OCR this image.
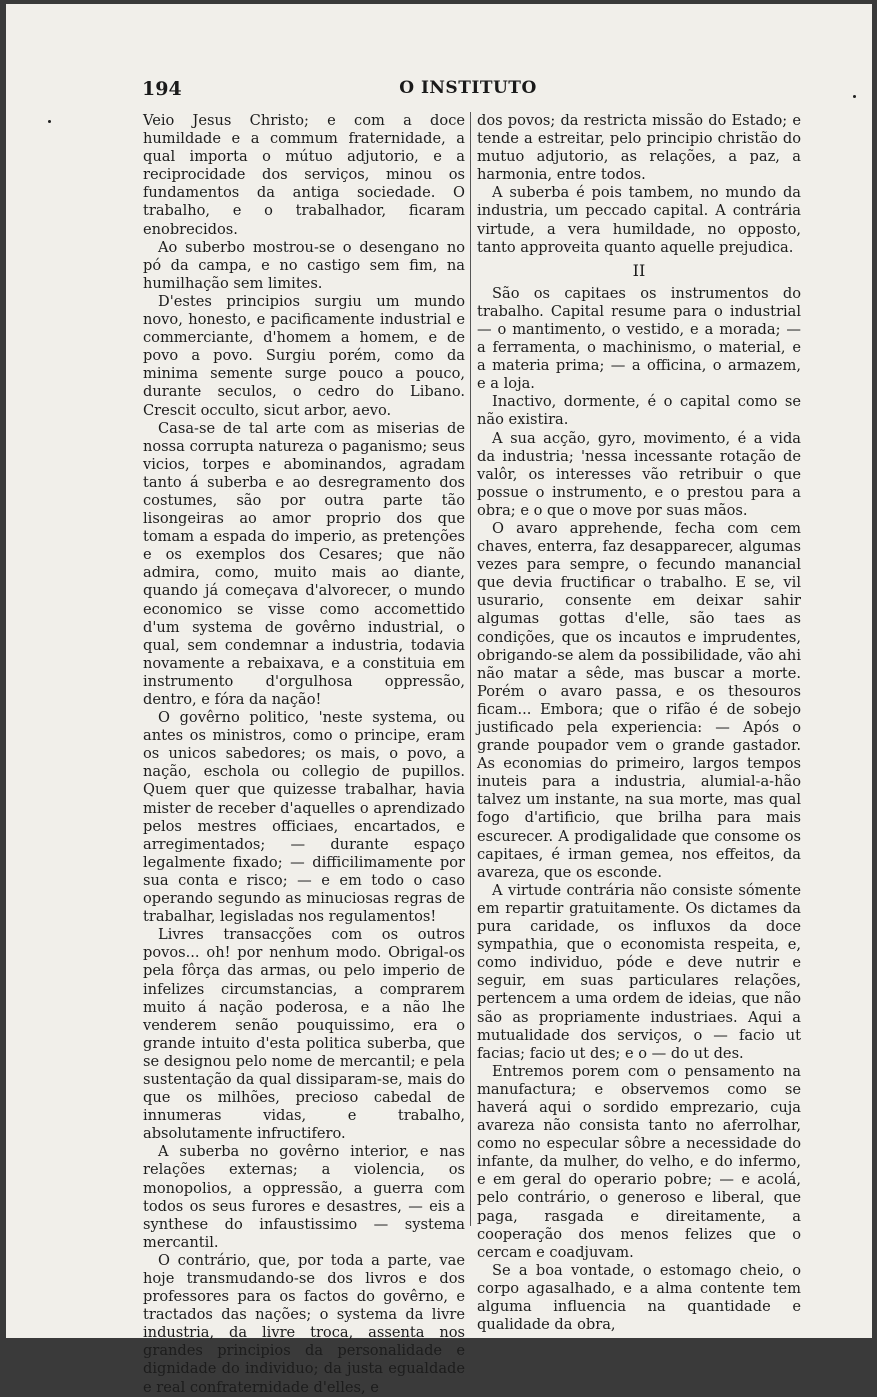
194	O INSTITUTO

Veio Jesus Christo; e com a doce humildade e a commum fraternidade, a qual importa o mútuo adjutorio, e a reciprocidade dos serviços, minou os fundamentos da antiga sociedade. O trabalho, e o trabalhador, ficaram enobrecidos.

Ao suberbo mostrou-se o desengano no pó da campa, e no castigo sem fim, na humilhação sem limites.

D'estes principios surgiu um mundo novo, honesto, e pacificamente industrial e commerciante, d'homem a homem, e de povo a povo. Surgiu porém, como da minima semente surge pouco a pouco, durante seculos, o cedro do Libano. Crescit occulto, sicut arbor, aevo.

Casa-se de tal arte com as miserias de nossa corrupta natureza o paganismo; seus vicios, torpes e abominandos, agradam tanto á suberba e ao desregramento dos costumes, são por outra parte tão lisongeiras ao amor proprio dos que tomam a espada do imperio, as pretenções e os exemplos dos Cesares; que não admira, como, muito mais ao diante, quando já começava d'alvorecer, o mundo economico se visse como accomettido d'um systema de govêrno industrial, o qual, sem condemnar a industria, todavia novamente a rebaixava, e a constituia em instrumento d'orgulhosa oppressão, dentro, e fóra da nação!

O govêrno politico, 'neste systema, ou antes os ministros, como o principe, eram os unicos sabedores; os mais, o povo, a nação, eschola ou collegio de pupillos. Quem quer que quizesse trabalhar, havia mister de receber d'aquelles o aprendizado pelos mestres officiaes, encartados, e arregimentados; — durante espaço legalmente fixado; — difficilimamente por sua conta e risco; — e em todo o caso operando segundo as minuciosas regras de trabalhar, legisladas nos regulamentos!

Livres transacções com os outros povos... oh! por nenhum modo. Obrigal-os pela fôrça das armas, ou pelo imperio de infelizes circumstancias, a comprarem muito á nação poderosa, e a não lhe venderem senão pouquissimo, era o grande intuito d'esta politica suberba, que se designou pelo nome de mercantil; e pela sustentação da qual dissiparam-se, mais do que os milhões, precioso cabedal de innumeras vidas, e trabalho, absolutamente infructifero.

A suberba no govêrno interior, e nas relações externas; a violencia, os monopolios, a oppressão, a guerra com todos os seus furores e desastres, — eis a synthese do infaustissimo — systema mercantil.

O contrário, que, por toda a parte, vae hoje transmudando-se dos livros e dos professores para os factos do govêrno, e tractados das nações; o systema da livre industria, da livre troca, assenta nos grandes principios da personalidade e dignidade do individuo; da justa egualdade e real confraternidade d'elles, e

dos povos; da restricta missão do Estado; e tende a estreitar, pelo principio christão do mutuo adjutorio, as relações, a paz, a harmonia, entre todos.

A suberba é pois tambem, no mundo da industria, um peccado capital. A contrária virtude, a vera humildade, no opposto, tanto approveita quanto aquelle prejudica.

II

São os capitaes os instrumentos do trabalho. Capital resume para o industrial — o mantimento, o vestido, e a morada; — a ferramenta, o machinismo, o material, e a materia prima; — a officina, o armazem, e a loja.

Inactivo, dormente, é o capital como se não existira.

A sua acção, gyro, movimento, é a vida da industria; 'nessa incessante rotação de valôr, os interesses vão retribuir o que possue o instrumento, e o prestou para a obra; e o que o move por suas mãos.

O avaro apprehende, fecha com cem chaves, enterra, faz desapparecer, algumas vezes para sempre, o fecundo manancial que devia fructificar o trabalho. E se, vil usurario, consente em deixar sahir algumas gottas d'elle, são taes as condições, que os incautos e imprudentes, obrigando-se alem da possibilidade, vão ahi não matar a sêde, mas buscar a morte. Porém o avaro passa, e os thesouros ficam... Embora; que o rifão é de sobejo justificado pela experiencia: — Após o grande poupador vem o grande gastador. As economias do primeiro, largos tempos inuteis para a industria, alumial-a-hão talvez um instante, na sua morte, mas qual fogo d'artificio, que brilha para mais escurecer. A prodigalidade que consome os capitaes, é irman gemea, nos effeitos, da avareza, que os esconde.

A virtude contrária não consiste sómente em repartir gratuitamente. Os dictames da pura caridade, os influxos da doce sympathia, que o economista respeita, e, como individuo, póde e deve nutrir e seguir, em suas particulares relações, pertencem a uma ordem de ideias, que não são as propriamente industriaes. Aqui a mutualidade dos serviços, o — facio ut facias; facio ut des; e o — do ut des.

Entremos porem com o pensamento na manufactura; e observemos como se haverá aqui o sordido emprezario, cuja avareza não consista tanto no aferrolhar, como no especular sôbre a necessidade do infante, da mulher, do velho, e do infermo, e em geral do operario pobre; — e acolá, pelo contrário, o generoso e liberal, que paga, rasgada e direitamente, a cooperação dos menos felizes que o cercam e coadjuvam.

Se a boa vontade, o estomago cheio, o corpo agasalhado, e a alma contente tem alguma influencia na quantidade e qualidade da obra,
